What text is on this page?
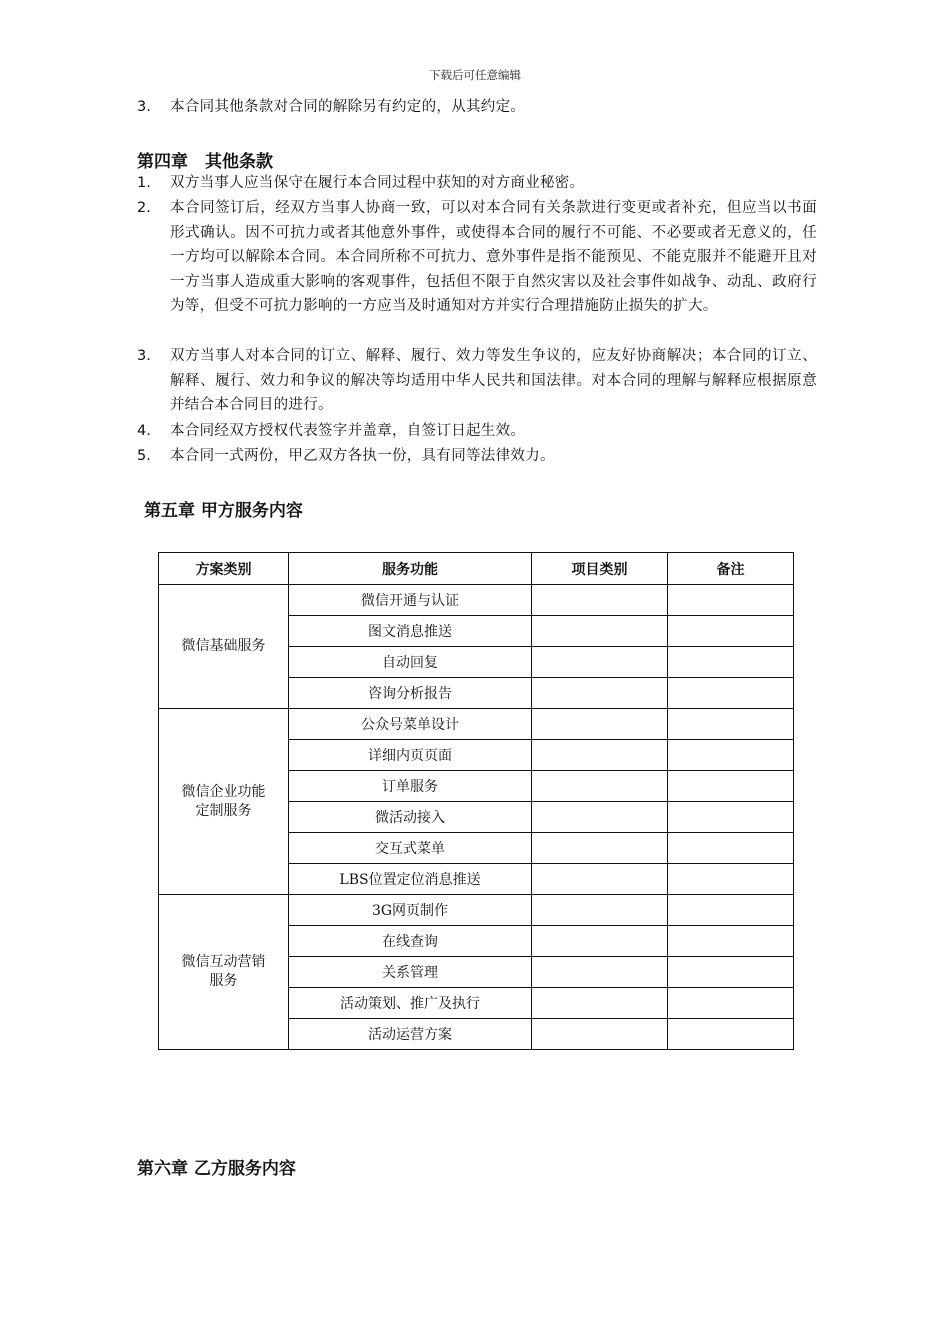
下载后可任意编辑
3.	本合同其他条款对合同的解除另有约定的，从其约定。
第四章　其他条款
1.	双方当事人应当保守在履行本合同过程中获知的对方商业秘密。
2.	本合同签订后，经双方当事人协商一致，可以对本合同有关条款进行变更或者补充，但应当以书面形式确认。因不可抗力或者其他意外事件，或使得本合同的履行不可能、不必要或者无意义的，任一方均可以解除本合同。本合同所称不可抗力、意外事件是指不能预见、不能克服并不能避开且对一方当事人造成重大影响的客观事件，包括但不限于自然灾害以及社会事件如战争、动乱、政府行为等，但受不可抗力影响的一方应当及时通知对方并实行合理措施防止损失的扩大。
3.	双方当事人对本合同的订立、解释、履行、效力等发生争议的，应友好协商解决；本合同的订立、解释、履行、效力和争议的解决等均适用中华人民共和国法律。对本合同的理解与解释应根据原意并结合本合同目的进行。
4.	本合同经双方授权代表签字并盖章，自签订日起生效。
5.	本合同一式两份，甲乙双方各执一份，具有同等法律效力。
第五章 甲方服务内容
方案类别	服务功能	项目类别	备注
微信基础服务	微信开通与认证		
	图文消息推送		
	自动回复		
	咨询分析报告		
微信企业功能
定制服务	公众号菜单设计		
	详细内页页面		
	订单服务		
	微活动接入		
	交互式菜单		
	LBS位置定位消息推送		
微信互动营销
服务	3G网页制作		
	在线查询		
	关系管理		
	活动策划、推广及执行		
	活动运营方案		
第六章 乙方服务内容
